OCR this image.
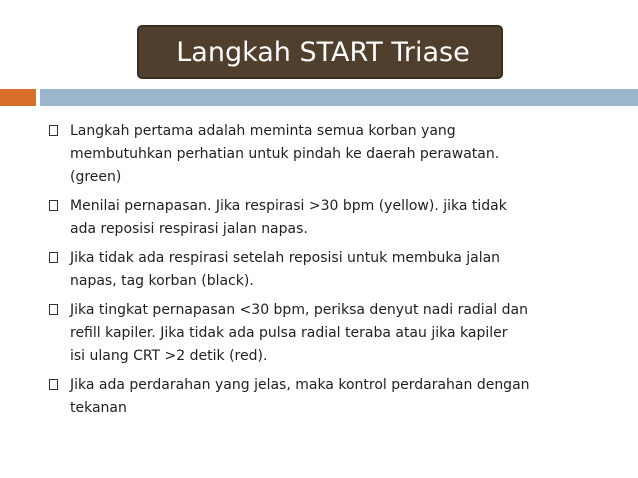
Langkah START Triase
Langkah pertama adalah meminta semua korban yang
membutuhkan perhatian untuk pindah ke daerah perawatan.
(green)
Menilai pernapasan. Jika respirasi >30 bpm (yellow). jika tidak
ada reposisi respirasi jalan napas.
Jika tidak ada respirasi setelah reposisi untuk membuka jalan
napas, tag korban (black).
Jika tingkat pernapasan <30 bpm, periksa denyut nadi radial dan
refill kapiler. Jika tidak ada pulsa radial teraba atau jika kapiler
isi ulang CRT >2 detik (red).
Jika ada perdarahan yang jelas, maka kontrol perdarahan dengan
tekanan
